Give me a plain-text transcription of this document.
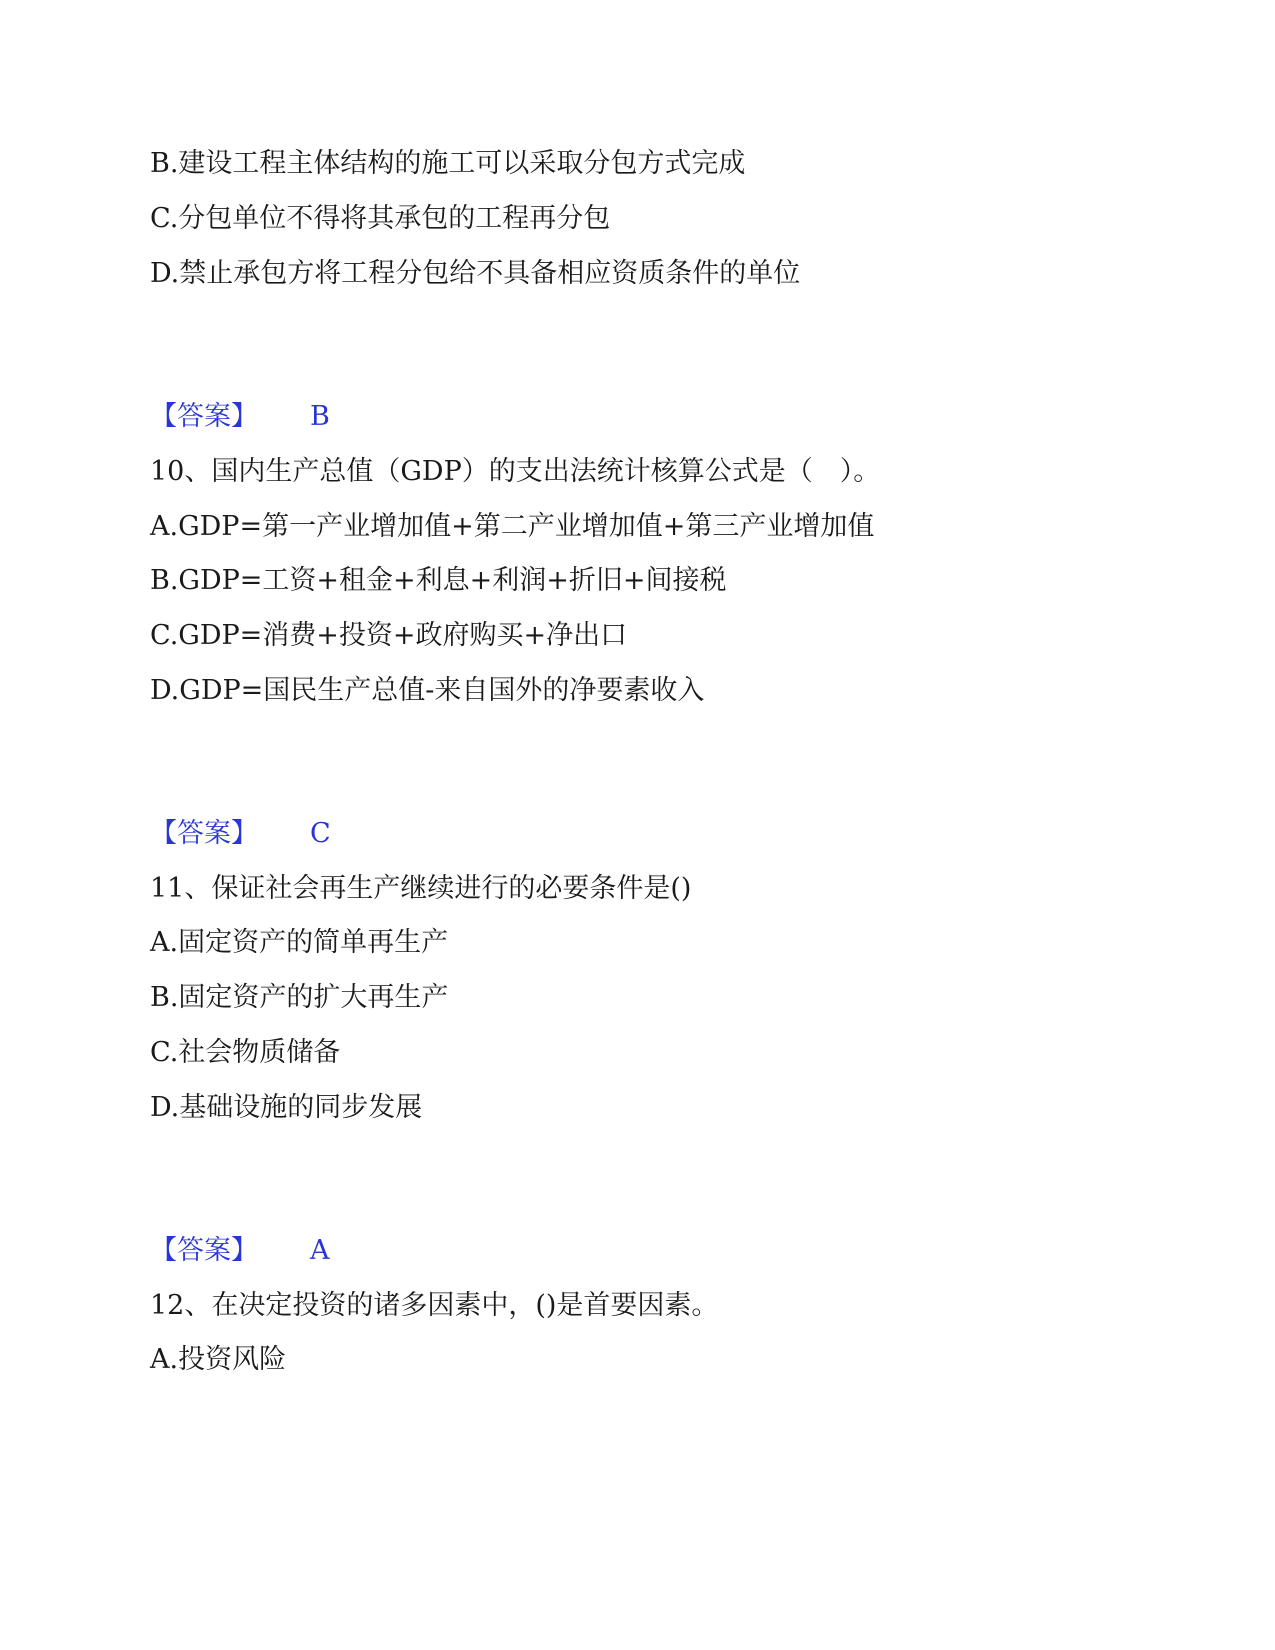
B.建设工程主体结构的施工可以采取分包方式完成
C.分包单位不得将其承包的工程再分包
D.禁止承包方将工程分包给不具备相应资质条件的单位
【答案】 B
10、国内生产总值（GDP）的支出法统计核算公式是（　）。
A.GDP=第一产业增加值+第二产业增加值+第三产业增加值
B.GDP=工资+租金+利息+利润+折旧+间接税
C.GDP=消费+投资+政府购买+净出口
D.GDP=国民生产总值-来自国外的净要素收入
【答案】 C
11、保证社会再生产继续进行的必要条件是()
A.固定资产的简单再生产
B.固定资产的扩大再生产
C.社会物质储备
D.基础设施的同步发展
【答案】 A
12、在决定投资的诸多因素中，()是首要因素。
A.投资风险
